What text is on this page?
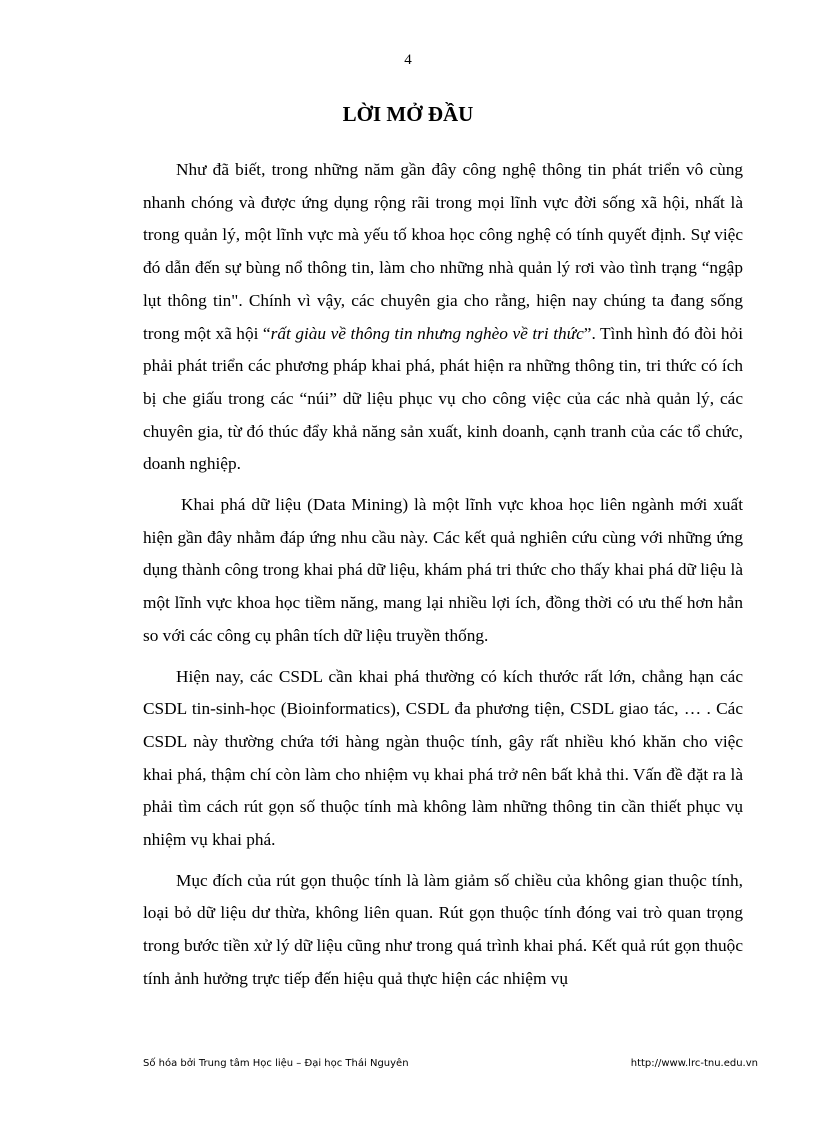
4
LỜI MỞ ĐẦU

Như đã biết, trong những năm gần đây công nghệ thông tin phát triển vô cùng nhanh chóng và được ứng dụng rộng rãi trong mọi lĩnh vực đời sống xã hội, nhất là trong quản lý, một lĩnh vực mà yếu tố khoa học công nghệ có tính quyết định. Sự việc đó dẫn đến sự bùng nổ thông tin, làm cho những nhà quản lý rơi vào tình trạng “ngập lụt thông tin". Chính vì vậy, các chuyên gia cho rằng, hiện nay chúng ta đang sống trong một xã hội “rất giàu về thông tin nhưng nghèo về tri thức”. Tình hình đó đòi hỏi phải phát triển các phương pháp khai phá, phát hiện ra những thông tin, tri thức có ích bị che giấu trong các “núi” dữ liệu phục vụ cho công việc của các nhà quản lý, các chuyên gia, từ đó thúc đẩy khả năng sản xuất, kinh doanh, cạnh tranh của các tổ chức, doanh nghiệp.

Khai phá dữ liệu (Data Mining) là một lĩnh vực khoa học liên ngành mới xuất hiện gần đây nhằm đáp ứng nhu cầu này. Các kết quả nghiên cứu cùng với những ứng dụng thành công trong khai phá dữ liệu, khám phá tri thức cho thấy khai phá dữ liệu là một lĩnh vực khoa học tiềm năng, mang lại nhiều lợi ích, đồng thời có ưu thế hơn hẳn so với các công cụ phân tích dữ liệu truyền thống.

Hiện nay, các CSDL cần khai phá thường có kích thước rất lớn, chẳng hạn các CSDL tin-sinh-học (Bioinformatics), CSDL đa phương tiện, CSDL giao tác, … . Các CSDL này thường chứa tới hàng ngàn thuộc tính, gây rất nhiều khó khăn cho việc khai phá, thậm chí còn làm cho nhiệm vụ khai phá trở nên bất khả thi. Vấn đề đặt ra là phải tìm cách rút gọn số thuộc tính mà không làm những thông tin cần thiết phục vụ nhiệm vụ khai phá.

Mục đích của rút gọn thuộc tính là làm giảm số chiều của không gian thuộc tính, loại bỏ dữ liệu dư thừa, không liên quan. Rút gọn thuộc tính đóng vai trò quan trọng trong bước tiền xử lý dữ liệu cũng như trong quá trình khai phá. Kết quả rút gọn thuộc tính ảnh hưởng trực tiếp đến hiệu quả thực hiện các nhiệm vụ

Số hóa bởi Trung tâm Học liệu – Đại học Thái Nguyên	http://www.lrc-tnu.edu.vn
